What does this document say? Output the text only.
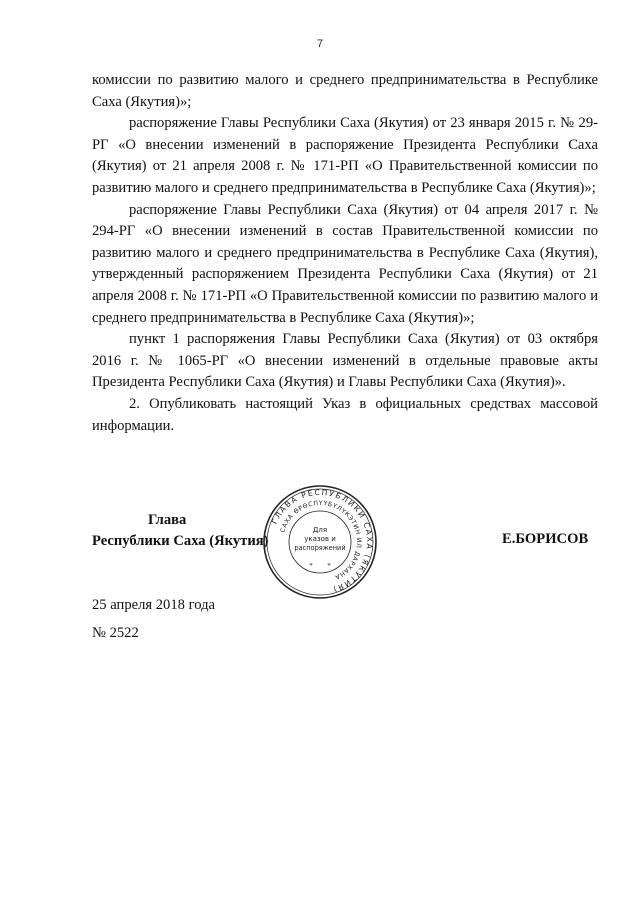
7

комиссии по развитию малого и среднего предпринимательства в Республике Саха (Якутия)»;

распоряжение Главы Республики Саха (Якутия) от 23 января 2015 г. № 29-РГ «О внесении изменений в распоряжение Президента Республики Саха (Якутия) от 21 апреля 2008 г. № 171-РП «О Правительственной комиссии по развитию малого и среднего предпринимательства в Республике Саха (Якутия)»;

распоряжение Главы Республики Саха (Якутия) от 04 апреля 2017 г. № 294-РГ «О внесении изменений в состав Правительственной комиссии по развитию малого и среднего предпринимательства в Республике Саха (Якутия), утвержденный распоряжением Президента Республики Саха (Якутия) от 21 апреля 2008 г. № 171-РП «О Правительственной комиссии по развитию малого и среднего предпринимательства в Республике Саха (Якутия)»;

пункт 1 распоряжения Главы Республики Саха (Якутия) от 03 октября 2016 г. № 1065-РГ «О внесении изменений в отдельные правовые акты Президента Республики Саха (Якутия) и Главы Республики Саха (Якутия)».

2. Опубликовать настоящий Указ в официальных средствах массовой информации.

Глава
Республики Саха (Якутия)
ГЛАВА РЕСПУБЛИКИ САХА (ЯКУТИЯ)
САХА ӨРӨСПҮҮБҮЛҮКЭТИН ИЛ ДАРХАНА
Для
указов и
распоряжений
* *
Е.БОРИСОВ
25 апреля 2018 года
№ 2522
